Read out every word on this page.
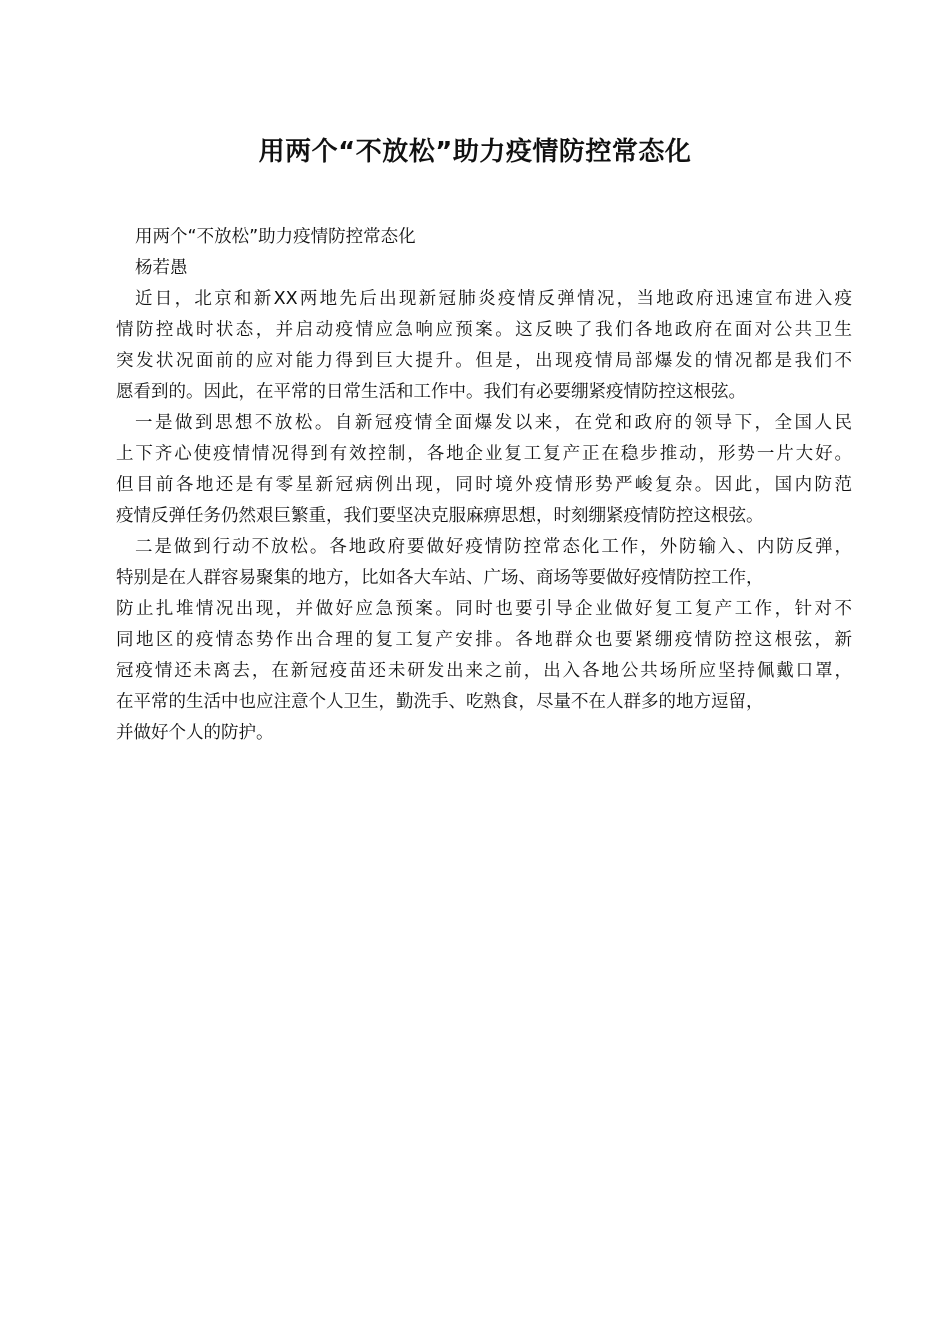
用两个“不放松”助力疫情防控常态化

用两个“不放松”助力疫情防控常态化

杨若愚

近日，北京和新XX两地先后出现新冠肺炎疫情反弹情况，当地政府迅速宣布进入疫
情防控战时状态，并启动疫情应急响应预案。这反映了我们各地政府在面对公共卫生
突发状况面前的应对能力得到巨大提升。但是，出现疫情局部爆发的情况都是我们不
愿看到的。因此，在平常的日常生活和工作中。我们有必要绷紧疫情防控这根弦。

一是做到思想不放松。自新冠疫情全面爆发以来，在党和政府的领导下，全国人民
上下齐心使疫情情况得到有效控制，各地企业复工复产正在稳步推动，形势一片大好。
但目前各地还是有零星新冠病例出现，同时境外疫情形势严峻复杂。因此，国内防范
疫情反弹任务仍然艰巨繁重，我们要坚决克服麻痹思想，时刻绷紧疫情防控这根弦。

二是做到行动不放松。各地政府要做好疫情防控常态化工作，外防输入、内防反弹，
特别是在人群容易聚集的地方，比如各大车站、广场、商场等要做好疫情防控工作，
防止扎堆情况出现，并做好应急预案。同时也要引导企业做好复工复产工作，针对不
同地区的疫情态势作出合理的复工复产安排。各地群众也要紧绷疫情防控这根弦，新
冠疫情还未离去，在新冠疫苗还未研发出来之前，出入各地公共场所应坚持佩戴口罩，
在平常的生活中也应注意个人卫生，勤洗手、吃熟食，尽量不在人群多的地方逗留，
并做好个人的防护。
